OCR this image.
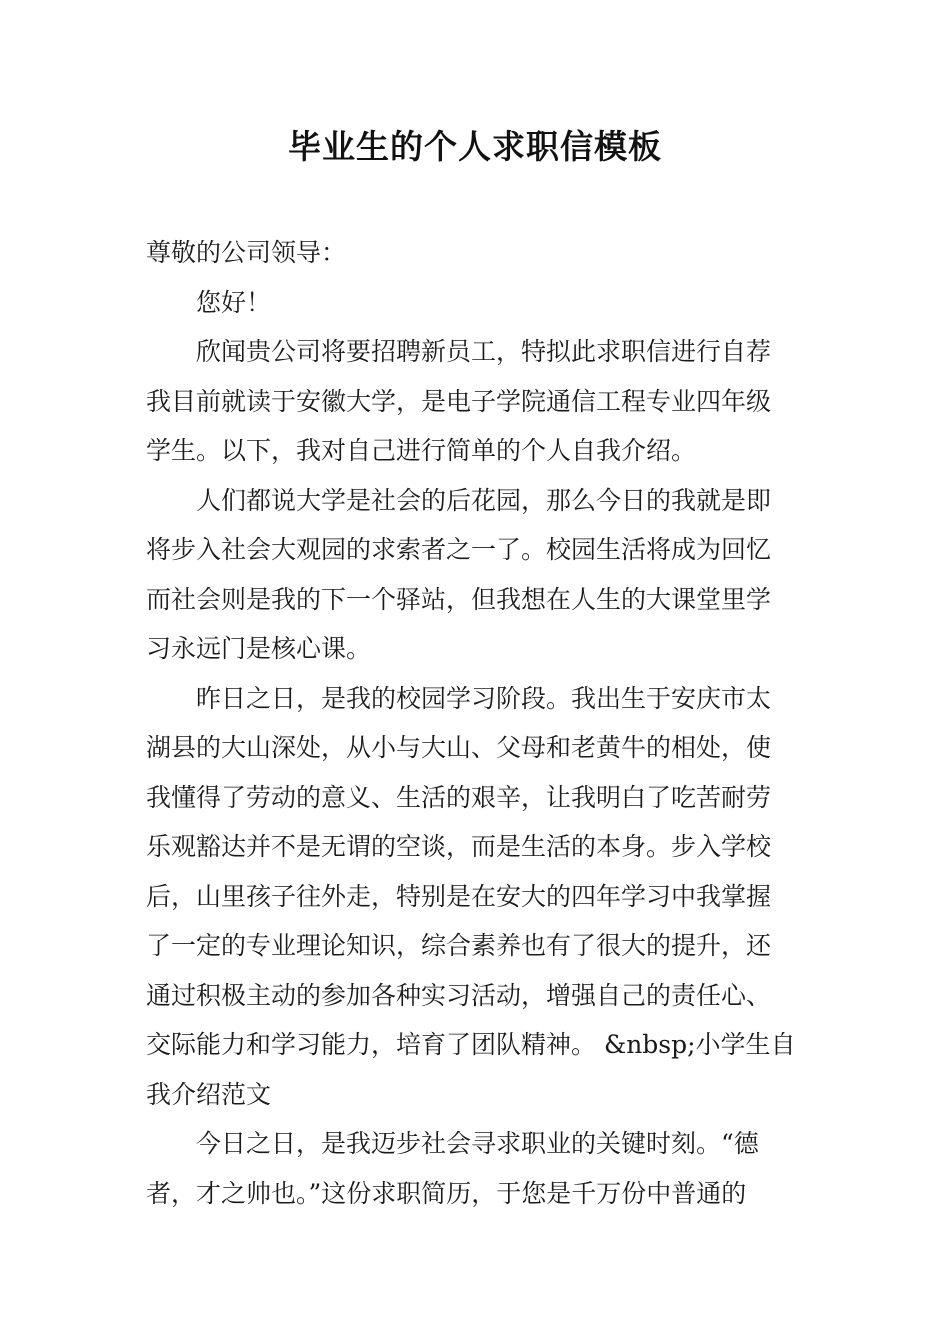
毕业生的个人求职信模板

尊敬的公司领导：

您好！

欣闻贵公司将要招聘新员工，特拟此求职信进行自荐

我目前就读于安徽大学，是电子学院通信工程专业四年级
学生。以下，我对自己进行简单的个人自我介绍。

人们都说大学是社会的后花园，那么今日的我就是即

将步入社会大观园的求索者之一了。校园生活将成为回忆
而社会则是我的下一个驿站，但我想在人生的大课堂里学
习永远门是核心课。

昨日之日，是我的校园学习阶段。我出生于安庆市太

湖县的大山深处，从小与大山、父母和老黄牛的相处，使
我懂得了劳动的意义、生活的艰辛，让我明白了吃苦耐劳
乐观豁达并不是无谓的空谈，而是生活的本身。步入学校
后，山里孩子往外走，特别是在安大的四年学习中我掌握
了一定的专业理论知识，综合素养也有了很大的提升，还
通过积极主动的参加各种实习活动，增强自己的责任心、
交际能力和学习能力，培育了团队精神。 &nbsp;小学生自
我介绍范文

今日之日，是我迈步社会寻求职业的关键时刻。“德

者，才之帅也。”这份求职简历，于您是千万份中普通的
